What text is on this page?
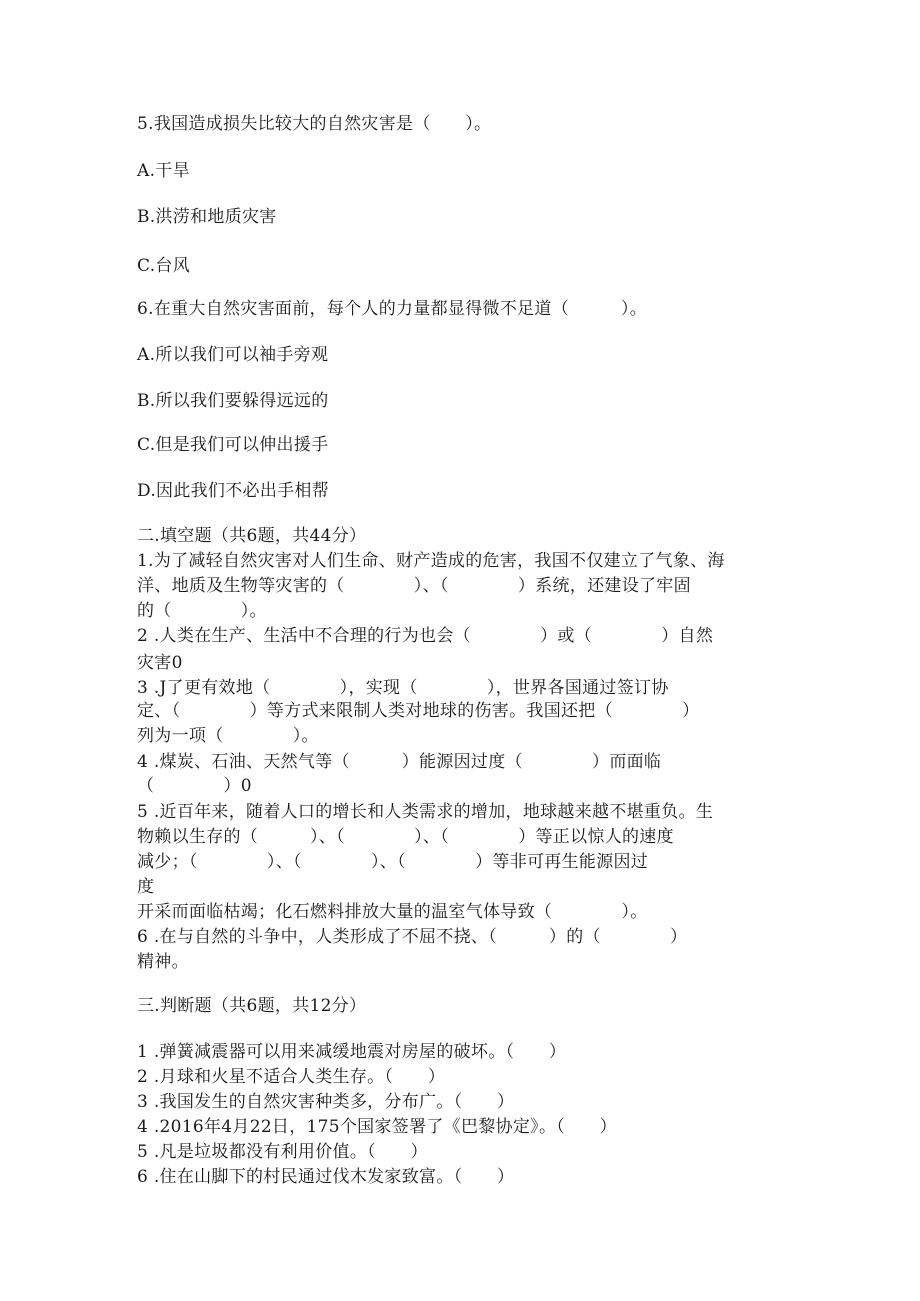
5.我国造成损失比较大的自然灾害是（　　）。

A.干旱

B.洪涝和地质灾害

C.台风

6.在重大自然灾害面前，每个人的力量都显得微不足道（　　　）。

A.所以我们可以袖手旁观

B.所以我们要躲得远远的

C.但是我们可以伸出援手

D.因此我们不必出手相帮

二.填空题（共6题，共44分）

1.为了减轻自然灾害对人们生命、财产造成的危害，我国不仅建立了气象、海

洋、地质及生物等灾害的（　　　　）、（　　　　）系统，还建设了牢固

的（　　　　）。

2 .人类在生产、生活中不合理的行为也会（　　　　）或（　　　　）自然

灾害0

3 .J了更有效地（　　　　），实现（　　　　），世界各国通过签订协

定、（　　　　）等方式来限制人类对地球的伤害。我国还把（　　　　）

列为一项（　　　　）。

4 .煤炭、石油、天然气等（　　　）能源因过度（　　　　）而面临

（　　　　）0

5 .近百年来，随着人口的增长和人类需求的增加，地球越来越不堪重负。生

物赖以生存的（　　　）、（　　　　）、（　　　　）等正以惊人的速度

减少；（　　　　）、（　　　　）、（　　　　）等非可再生能源因过

度

开采而面临枯竭；化石燃料排放大量的温室气体导致（　　　　）。

6 .在与自然的斗争中，人类形成了不屈不挠、（　　　）的（　　　　）

精神。

三.判断题（共6题，共12分）

1 .弹簧减震器可以用来减缓地震对房屋的破坏。（　　）

2 .月球和火星不适合人类生存。（　　）

3 .我国发生的自然灾害种类多，分布广。（　　）

4 .2016年4月22日，175个国家签署了《巴黎协定》。（　　）

5 .凡是垃圾都没有利用价值。（　　）

6 .住在山脚下的村民通过伐木发家致富。（　　）
